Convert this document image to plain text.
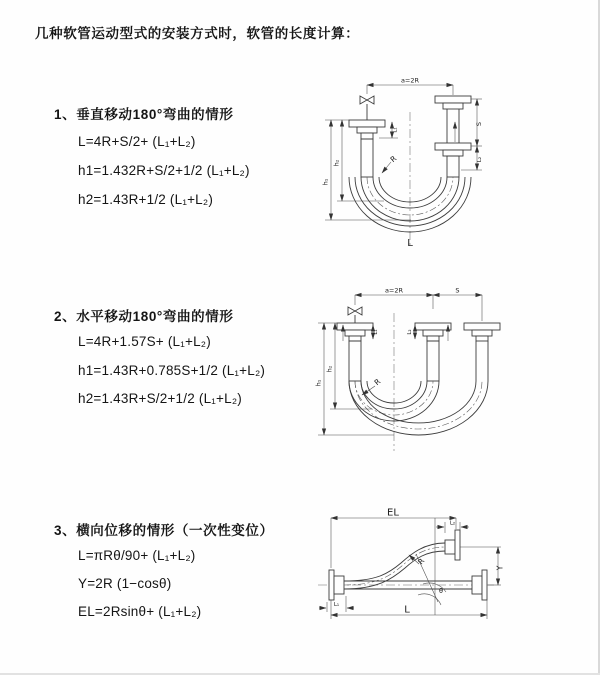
几种软管运动型式的安装方式时，软管的长度计算：
1、垂直移动180°弯曲的情形
L=4R+S/2+ (L₁+L₂)
h1=1.432R+S/2+1/2 (L₁+L₂)
h2=1.43R+1/2 (L₁+L₂)
2、水平移动180°弯曲的情形
L=4R+1.57S+ (L₁+L₂)
h1=1.43R+0.785S+1/2 (L₁+L₂)
h2=1.43R+S/2+1/2 (L₁+L₂)
3、横向位移的情形（一次性变位）
L=πRθ/90+ (L₁+L₂)
Y=2R (1−cosθ)
EL=2Rsinθ+ (L₁+L₂)
a=2R
h₁
h₂
S
L₂
L₁
R
L
a=2R	S
h₁
h₂
L₁	L₂
R
EL
L₂
Y
L
L₁
R
θ
